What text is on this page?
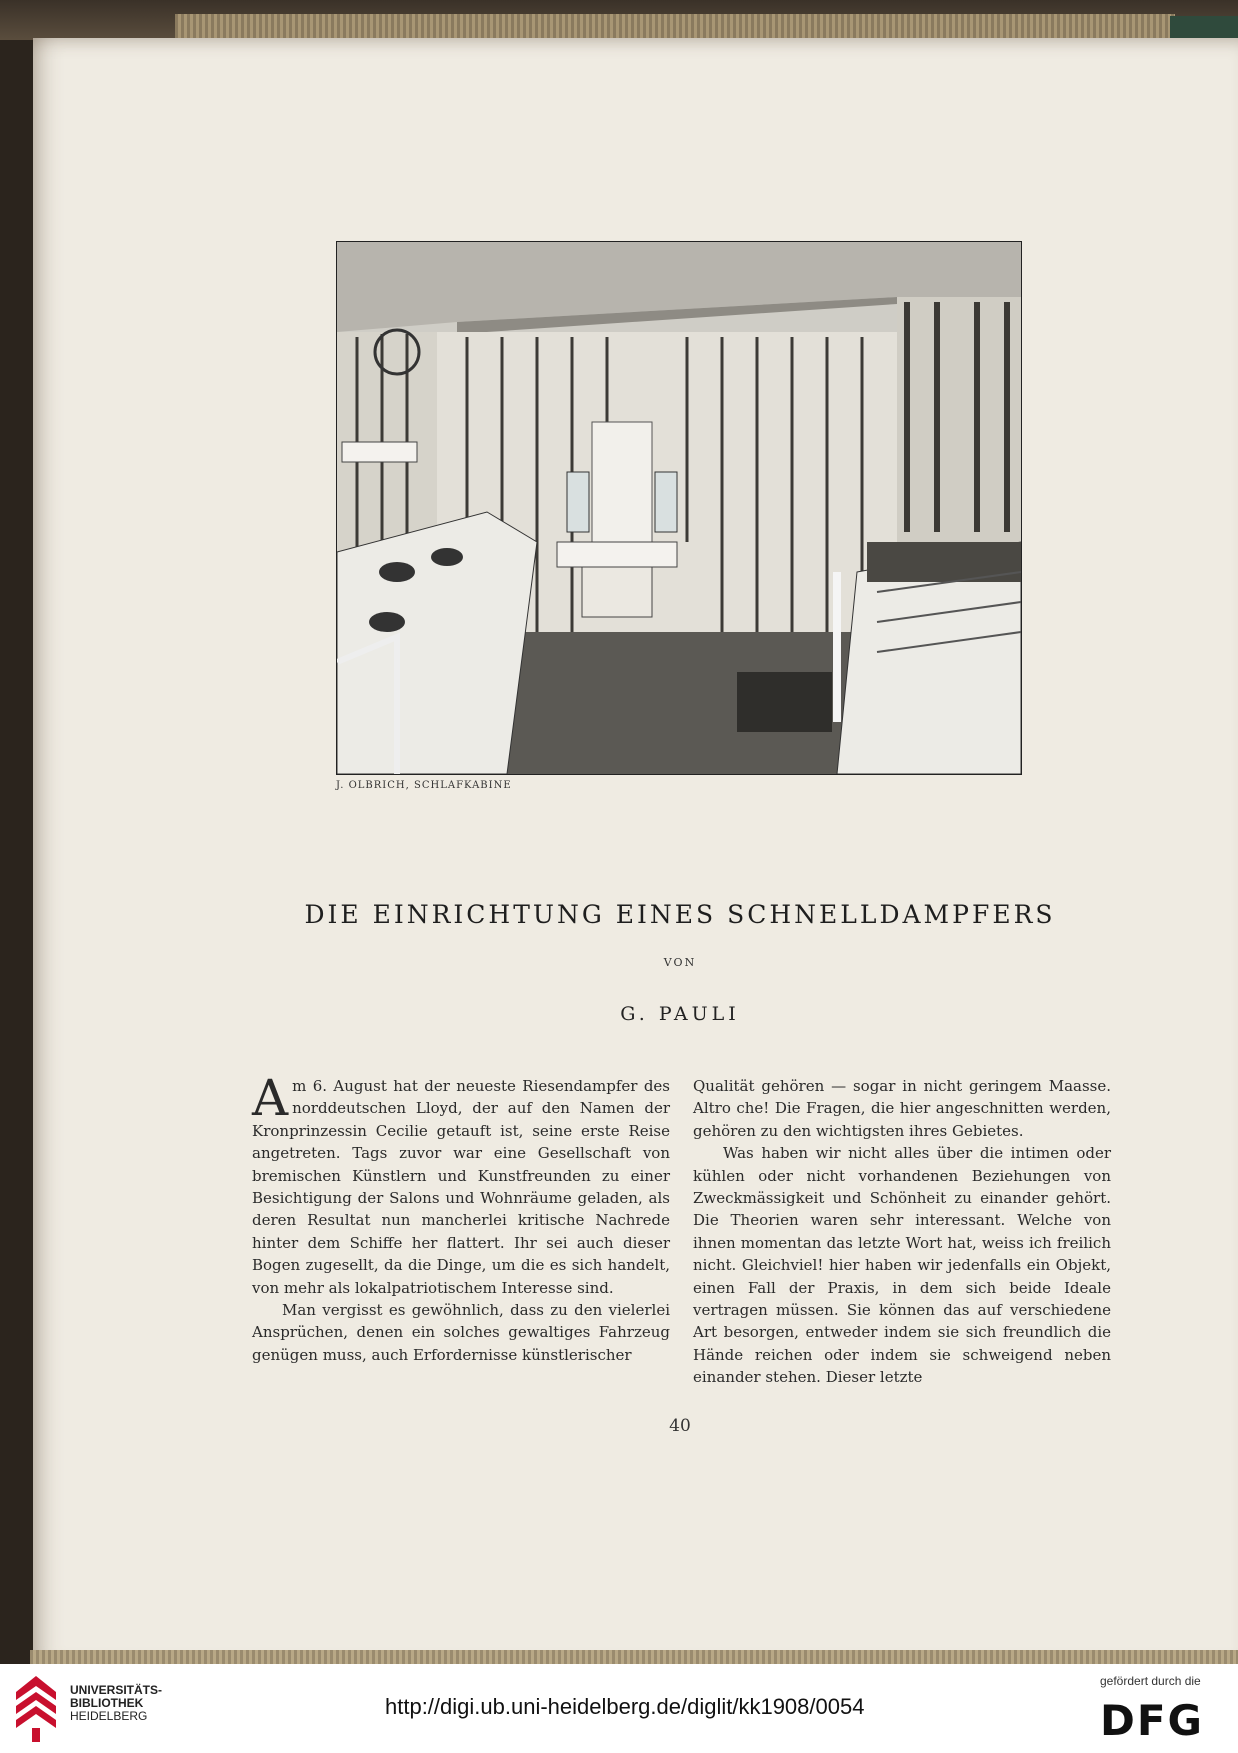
J. OLBRICH, SCHLAFKABINE
DIE EINRICHTUNG EINES SCHNELLDAMPFERS
VON
G. PAULI

Am 6. August hat der neueste Riesendampfer des norddeutschen Lloyd, der auf den Namen der Kronprinzessin Cecilie getauft ist, seine erste Reise angetreten. Tags zuvor war eine Gesellschaft von bremischen Künstlern und Kunstfreunden zu einer Besichtigung der Salons und Wohnräume geladen, als deren Resultat nun mancherlei kritische Nachrede hinter dem Schiffe her flattert. Ihr sei auch dieser Bogen zugesellt, da die Dinge, um die es sich handelt, von mehr als lokalpatriotischem Interesse sind.

Man vergisst es gewöhnlich, dass zu den vielerlei Ansprüchen, denen ein solches gewaltiges Fahrzeug genügen muss, auch Erfordernisse künstlerischer

Qualität gehören — sogar in nicht geringem Maasse. Altro che! Die Fragen, die hier angeschnitten werden, gehören zu den wichtigsten ihres Gebietes.

Was haben wir nicht alles über die intimen oder kühlen oder nicht vorhandenen Beziehungen von Zweckmässigkeit und Schönheit zu einander gehört. Die Theorien waren sehr interessant. Welche von ihnen momentan das letzte Wort hat, weiss ich freilich nicht. Gleichviel! hier haben wir jedenfalls ein Objekt, einen Fall der Praxis, in dem sich beide Ideale vertragen müssen. Sie können das auf verschiedene Art besorgen, entweder indem sie sich freundlich die Hände reichen oder indem sie schweigend neben einander stehen. Dieser letzte

40
UNIVERSITÄTS-
BIBLIOTHEK
HEIDELBERG	http://digi.ub.uni-heidelberg.de/diglit/kk1908/0054
gefördert durch die
DFG
